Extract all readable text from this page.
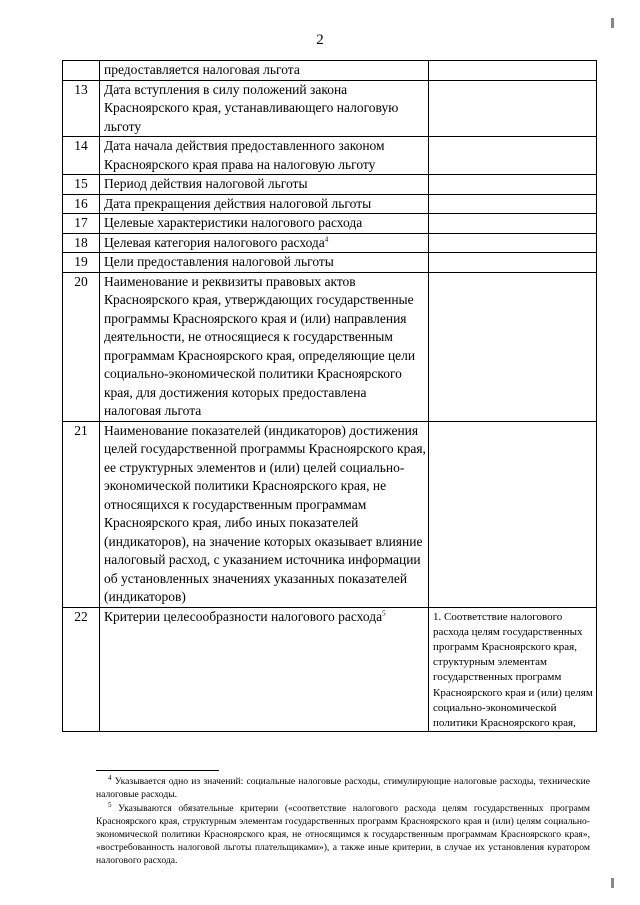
2
	предоставляется налоговая льгота	
13	Дата вступления в силу положений закона Красноярского края, устанавливающего налоговую льготу	
14	Дата начала действия предоставленного законом Красноярского края права на налоговую льготу	
15	Период действия налоговой льготы	
16	Дата прекращения действия налоговой льготы	
17	Целевые характеристики налогового расхода	
18	Целевая категория налогового расхода$^4$	
19	Цели предоставления налоговой льготы	
20	Наименование и реквизиты правовых актов Красноярского края, утверждающих государственные программы Красноярского края и (или) направления деятельности, не относящиеся к государственным программам Красноярского края, определяющие цели социально-экономической политики Красноярского края, для достижения которых предоставлена налоговая льгота	
21	Наименование показателей (индикаторов) достижения целей государственной программы Красноярского края, ее структурных элементов и (или) целей социально-экономической политики Красноярского края, не относящихся к государственным программам Красноярского края, либо иных показателей (индикаторов), на значение которых оказывает влияние налоговый расход, с указанием источника информации об установленных значениях указанных показателей (индикаторов)	
22	Критерии целесообразности налогового расхода$^5$	1. Соответствие налогового расхода целям государственных программ Красноярского края, структурным элементам государственных программ Красноярского края и (или) целям социально-экономической политики Красноярского края,

$^4$ Указывается одно из значений: социальные налоговые расходы, стимулирующие налоговые расходы, технические налоговые расходы.

$^5$ Указываются обязательные критерии («соответствие налогового расхода целям государственных программ Красноярского края, структурным элементам государственных программ Красноярского края и (или) целям социально-экономической политики Красноярского края, не относящимся к государственным программам Красноярского края», «востребованность налоговой льготы плательщиками»), а также иные критерии, в случае их установления куратором налогового расхода.
